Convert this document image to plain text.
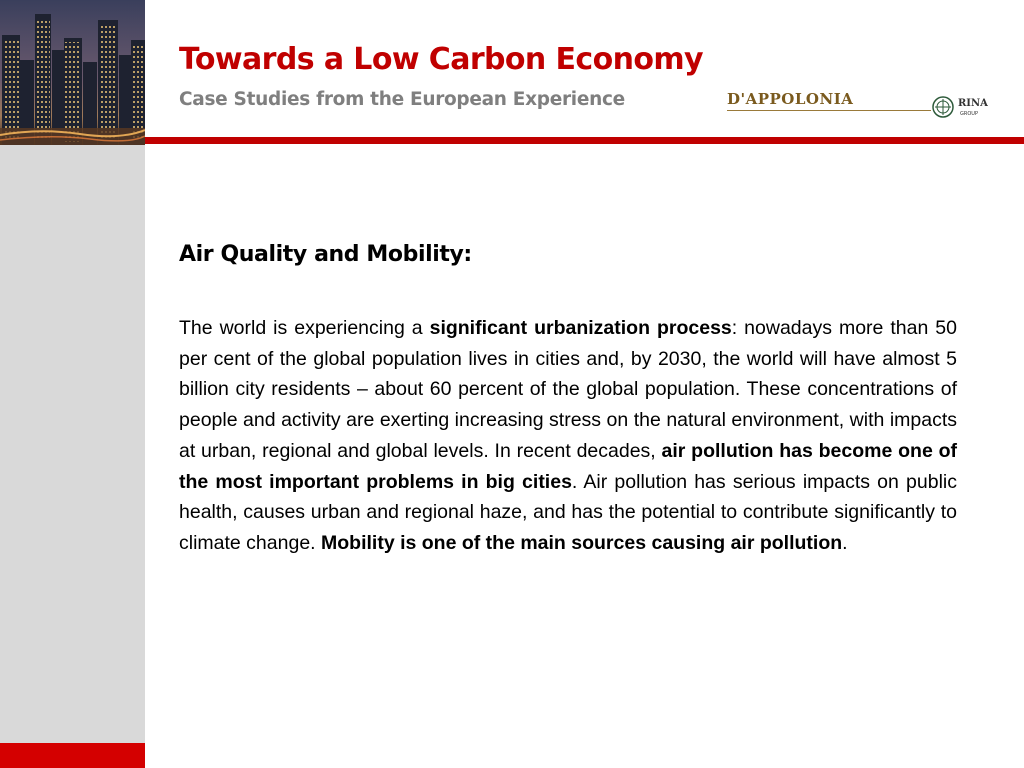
Towards a Low Carbon Economy
Case Studies from the European Experience	D'APPOLONIA	RINA
GROUP
Air Quality and Mobility:
The world is experiencing a significant urbanization process: nowadays more than 50 per cent of the global population lives in cities and, by 2030, the world will have almost 5 billion city residents – about 60 percent of the global population. These concentrations of people and activity are exerting increasing stress on the natural environment, with impacts at urban, regional and global levels. In recent decades, air pollution has become one of the most important problems in big cities. Air pollution has serious impacts on public health, causes urban and regional haze, and has the potential to contribute significantly to climate change. Mobility is one of the main sources causing air pollution.
